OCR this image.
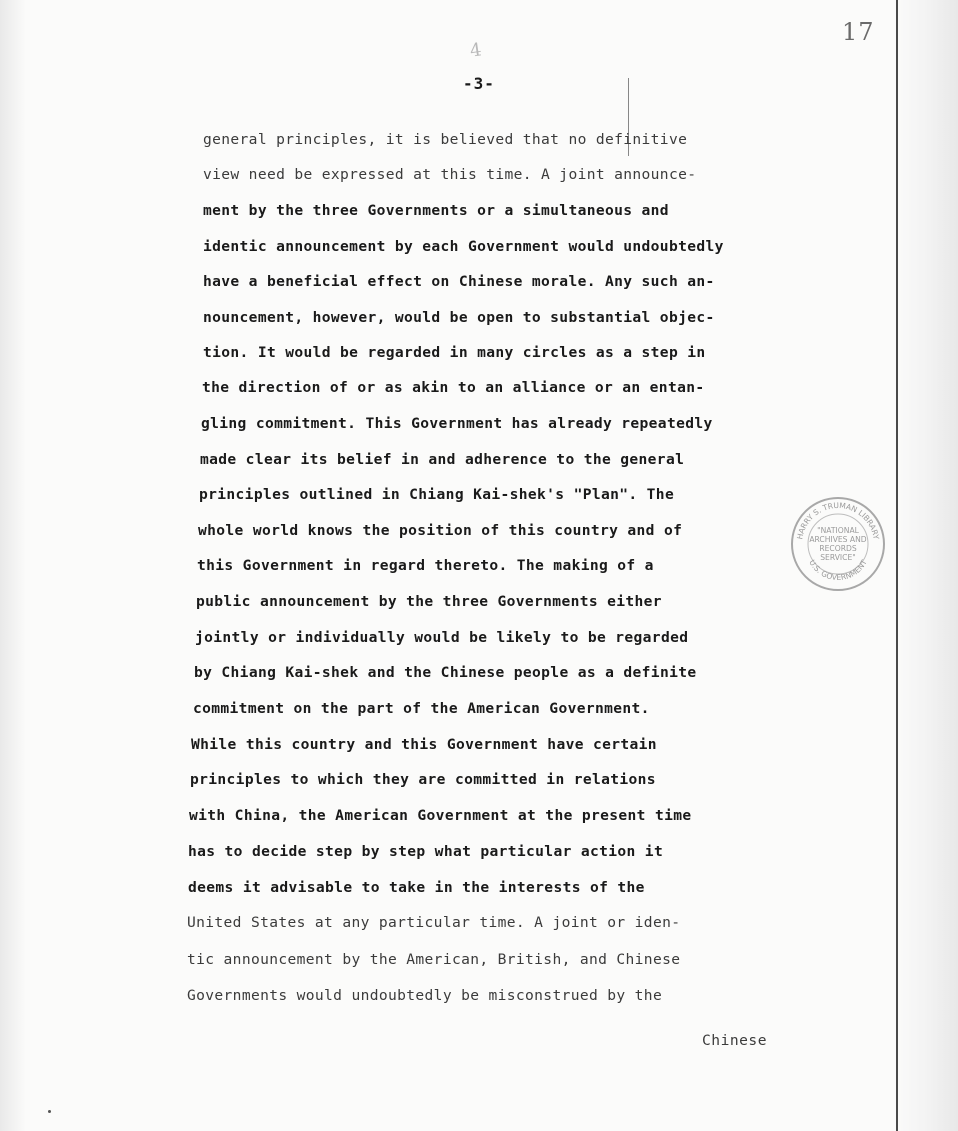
17
4
-3-
general principles, it is believed that no definitive
view need be expressed at this time. A joint announce-
ment by the three Governments or a simultaneous and
identic announcement by each Government would undoubtedly
have a beneficial effect on Chinese morale. Any such an-
nouncement, however, would be open to substantial objec-
tion. It would be regarded in many circles as a step in
the direction of or as akin to an alliance or an entan-
gling commitment. This Government has already repeatedly
made clear its belief in and adherence to the general
principles outlined in Chiang Kai-shek's "Plan". The
whole world knows the position of this country and of
this Government in regard thereto. The making of a
public announcement by the three Governments either
jointly or individually would be likely to be regarded
by Chiang Kai-shek and the Chinese people as a definite
commitment on the part of the American Government.
While this country and this Government have certain
principles to which they are committed in relations
with China, the American Government at the present time
has to decide step by step what particular action it
deems it advisable to take in the interests of the
United States at any particular time. A joint or iden-
tic announcement by the American, British, and Chinese
Governments would undoubtedly be misconstrued by the
Chinese
HARRY S. TRUMAN LIBRARY
U.S. GOVERNMENT
"NATIONAL
ARCHIVES AND
RECORDS
SERVICE"
